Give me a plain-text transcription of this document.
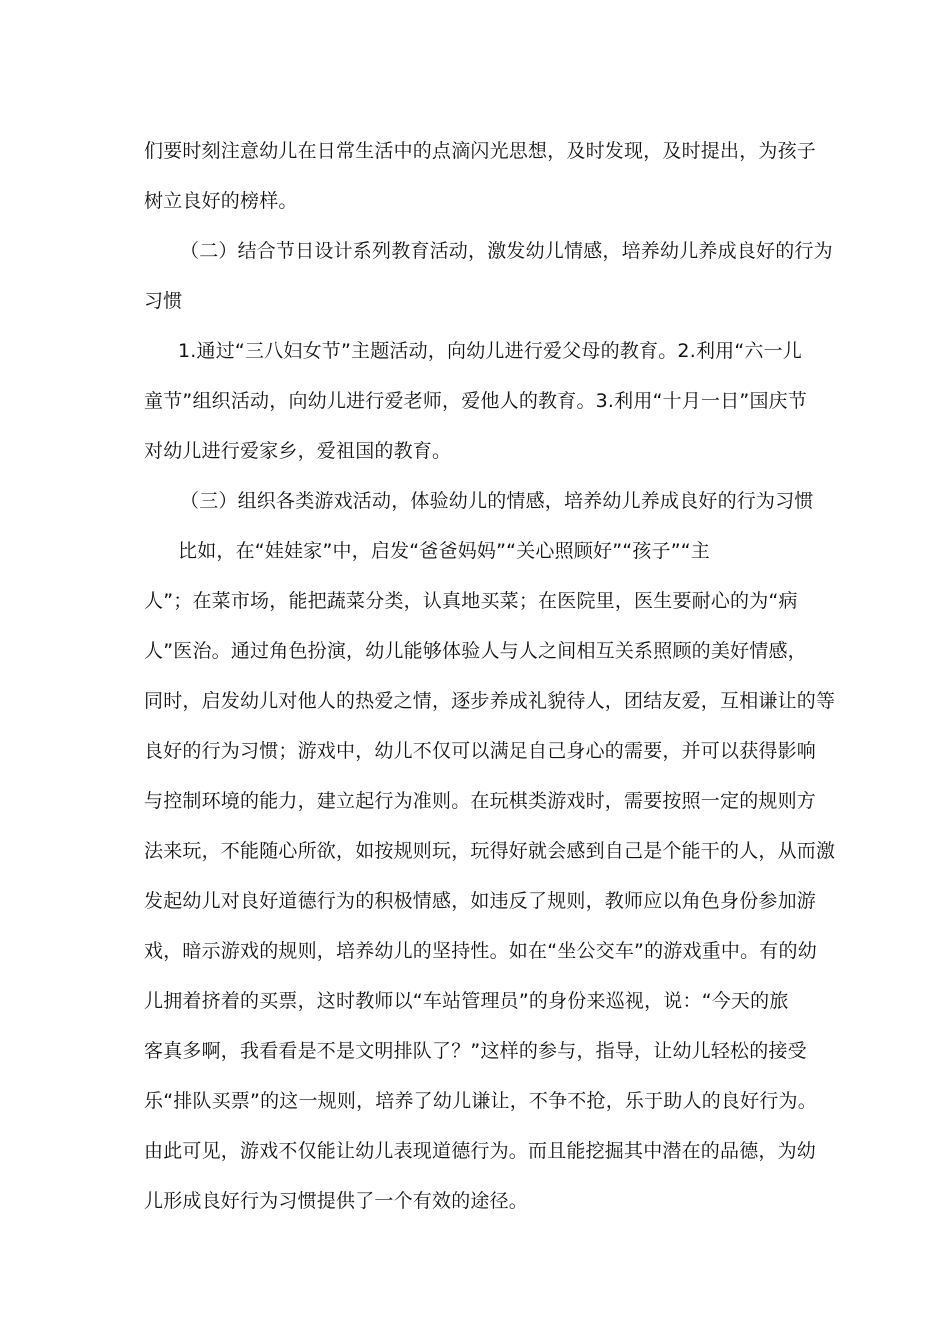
们要时刻注意幼儿在日常生活中的点滴闪光思想，及时发现，及时提出，为孩子
树立良好的榜样。
（二）结合节日设计系列教育活动，激发幼儿情感，培养幼儿养成良好的行为
习惯
1.通过“三八妇女节”主题活动，向幼儿进行爱父母的教育。2.利用“六一儿
童节”组织活动，向幼儿进行爱老师，爱他人的教育。3.利用“十月一日”国庆节
对幼儿进行爱家乡，爱祖国的教育。
（三）组织各类游戏活动，体验幼儿的情感，培养幼儿养成良好的行为习惯
比如，在“娃娃家”中，启发“爸爸妈妈”“关心照顾好”“孩子”“主
人”；在菜市场，能把蔬菜分类，认真地买菜；在医院里，医生要耐心的为“病
人”医治。通过角色扮演，幼儿能够体验人与人之间相互关系照顾的美好情感，
同时，启发幼儿对他人的热爱之情，逐步养成礼貌待人，团结友爱，互相谦让的等
良好的行为习惯；游戏中，幼儿不仅可以满足自己身心的需要，并可以获得影响
与控制环境的能力，建立起行为准则。在玩棋类游戏时，需要按照一定的规则方
法来玩，不能随心所欲，如按规则玩，玩得好就会感到自己是个能干的人，从而激
发起幼儿对良好道德行为的积极情感，如违反了规则，教师应以角色身份参加游
戏，暗示游戏的规则，培养幼儿的坚持性。如在“坐公交车”的游戏重中。有的幼
儿拥着挤着的买票，这时教师以“车站管理员”的身份来巡视，说：“今天的旅
客真多啊，我看看是不是文明排队了？”这样的参与，指导，让幼儿轻松的接受
乐“排队买票”的这一规则，培养了幼儿谦让，不争不抢，乐于助人的良好行为。
由此可见，游戏不仅能让幼儿表现道德行为。而且能挖掘其中潜在的品德，为幼
儿形成良好行为习惯提供了一个有效的途径。
